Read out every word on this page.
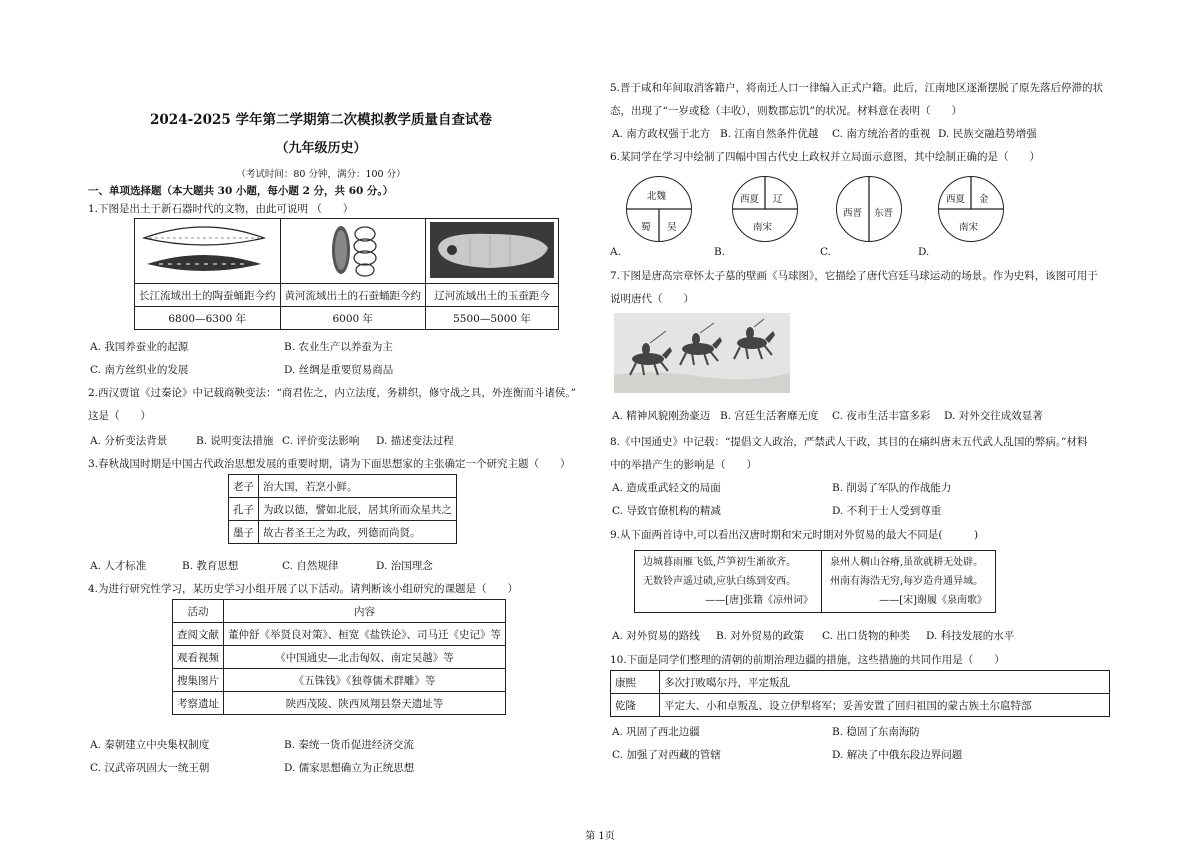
2024-2025 学年第二学期第二次模拟教学质量自查试卷
（九年级历史）
（考试时间：80 分钟，满分：100 分）
一、单项选择题（本大题共 30 小题，每小题 2 分，共 60 分。）
1.下图是出土于新石器时代的文物，由此可说明 （　　）

长江流域出土的陶蚕蛹距今约	黄河流域出土的石蚕蛹距今约	辽河流域出土的玉蚕距今
6800—6300 年	6000 年	5500—5000 年
A. 我国养蚕业的起源	B. 农业生产以养蚕为主
C. 南方丝织业的发展	D. 丝绸是重要贸易商品
2.西汉贾谊《过秦论》中记载商鞅变法：“商君佐之，内立法度，务耕织，修守战之具，外连衡而斗诸侯。”
这是（　　）
A. 分析变法背景	B. 说明变法措施 C. 评价变法影响 D. 描述变法过程
3.春秋战国时期是中国古代政治思想发展的重要时期，请为下面思想家的主张确定一个研究主题（　　）
老子	治大国，若烹小鲜。
孔子	为政以德，譬如北辰，居其所而众星共之
墨子	故古者圣王之为政，列德而尚贤。
A. 人才标准	B. 教育思想	C. 自然规律	D. 治国理念
4.为进行研究性学习，某历史学习小组开展了以下活动。请判断该小组研究的课题是（　　）
活动	内容
查阅文献	董仲舒《举贤良对策》、桓宽《盐铁论》、司马迁《史记》等
观看视频	《中国通史—北击匈奴、南定吴越》等
搜集图片	《五铢钱》《独尊儒术群雕》等
考察遗址	陕西茂陵、陕西凤翔县祭天遗址等
A. 秦朝建立中央集权制度	B. 秦统一货币促进经济交流
C. 汉武帝巩固大一统王朝	D. 儒家思想确立为正统思想
5.晋于咸和年间取消客籍户，将南迁人口一律编入正式户籍。此后，江南地区逐渐摆脱了原先落后停滞的状
态，出现了“一岁或稔（丰收），则数郡忘饥”的状况。材料意在表明（　　）
A. 南方政权强于北方 B. 江南自然条件优越 C. 南方统治者的重视 D. 民族交融趋势增强
6.某同学在学习中绘制了四幅中国古代史上政权并立局面示意图，其中绘制正确的是（　　）
A.
北魏
蜀 吴
B.
西夏 辽
南宋
C.
西晋 东晋
D.
西夏 金
南宋
7.下图是唐高宗章怀太子墓的壁画《马球图》，它描绘了唐代宫廷马球运动的场景。作为史料，该图可用于
说明唐代（　　）
A. 精神风貌刚劲豪迈 B. 宫廷生活奢靡无度 C. 夜市生活丰富多彩 D. 对外交往成效显著
8.《中国通史》中记载：“提倡文人政治，严禁武人干政，其目的在痛纠唐末五代武人乱国的弊病。”材料
中的举措产生的影响是（　　）
A. 造成重武轻文的局面	B. 削弱了军队的作战能力
C. 导致官僚机构的精减	D. 不利于士人受到尊重
9.从下面两首诗中,可以看出汉唐时期和宋元时期对外贸易的最大不同是(　　　)
边城暮雨雁飞低,芦笋初生渐欲齐。
无数铃声遥过碛,应驮白练到安西。
——[唐]张籍《凉州词》

泉州人稠山谷瘠,虽欲就耕无处辟。
州南有海浩无穷,每岁造舟通异域。
——[宋]谢履《泉南歌》
A. 对外贸易的路线 B. 对外贸易的政策 C. 出口货物的种类 D. 科技发展的水平
10.下面是同学们整理的清朝的前期治理边疆的措施，这些措施的共同作用是（　　）
康熙	多次打败噶尔丹，平定叛乱
乾隆	平定大、小和卓叛乱、设立伊犁将军；妥善安置了回归祖国的蒙古族土尔扈特部
A. 巩固了西北边疆	B. 稳固了东南海防
C. 加强了对西藏的管辖	D. 解决了中俄东段边界问题
第 1页
